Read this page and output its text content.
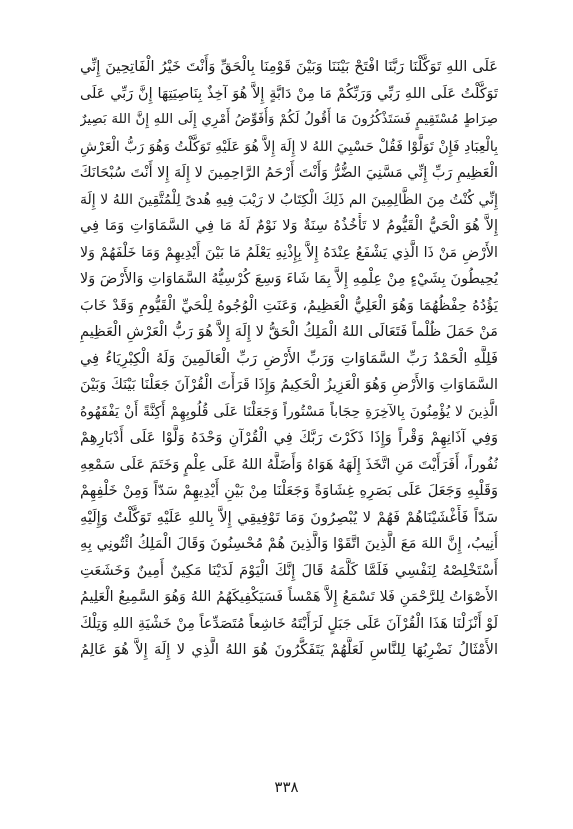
عَلَى اللهِ تَوَكَّلْنَا رَبَّنَا افْتَحْ بَيْنَنَا وَبَيْنَ قَوْمِنَا بِالْحَقِّ وَأَنْتَ خَيْرُ الْفَاتِحِينَ إِنِّي
تَوَكَّلْتُ عَلَى اللهِ رَبِّي وَرَبِّكُمْ مَا مِنْ دَابَّةٍ إِلاَّ هُوَ آخِذٌ بِنَاصِيَتِهَا إِنَّ رَبِّي عَلَى
صِرَاطٍ مُسْتَقِيمٍ فَسَتَذْكُرُونَ مَا أَقُولُ لَكُمْ وَأُفَوِّضُ أَمْرِي إِلَى اللهِ إِنَّ اللهَ بَصِيرٌ
بِالْعِبَادِ فَإِنْ تَوَلَّوْا فَقُلْ حَسْبِيَ اللهُ لا إِلَهَ إِلاَّ هُوَ عَلَيْهِ تَوَكَّلْتُ وَهُوَ رَبُّ الْعَرْشِ
الْعَظِيمِ رَبِّ إِنِّي مَسَّنِيَ الضُّرُّ وَأَنْتَ أَرْحَمُ الرَّاحِمِينَ لا إِلَهَ إِلا أَنْتَ سُبْحَانَكَ
إِنِّي كُنْتُ مِنَ الظَّالِمِينَ الم ذَلِكَ الْكِتَابُ لا رَيْبَ فِيهِ هُدىً لِلْمُتَّقِينَ اللهُ لا إِلَهَ
إِلاَّ هُوَ الْحَيُّ الْقَيُّومُ لا تَأْخُذُهُ سِنَةٌ وَلا نَوْمٌ لَهُ مَا فِي السَّمَاوَاتِ وَمَا فِي
الأَرْضِ مَنْ ذَا الَّذِي يَشْفَعُ عِنْدَهُ إِلاَّ بِإِذْنِهِ يَعْلَمُ مَا بَيْنَ أَيْدِيهِمْ وَمَا خَلْفَهُمْ وَلا
يُحِيطُونَ بِشَيْءٍ مِنْ عِلْمِهِ إِلاَّ بِمَا شَاءَ وَسِعَ كُرْسِيُّهُ السَّمَاوَاتِ وَالأَرْضَ وَلا
يَؤُدُهُ حِفْظُهُمَا وَهُوَ الْعَلِيُّ الْعَظِيمُ، وَعَنَتِ الْوُجُوهُ لِلْحَيِّ الْقَيُّومِ وَقَدْ خَابَ
مَنْ حَمَلَ ظُلْماً فَتَعَالَى اللهُ الْمَلِكُ الْحَقُّ لا إِلَهَ إِلاَّ هُوَ رَبُّ الْعَرْشِ الْعَظِيمِ
فَلِلَّهِ الْحَمْدُ رَبِّ السَّمَاوَاتِ وَرَبِّ الأَرْضِ رَبِّ الْعَالَمِينَ وَلَهُ الْكِبْرِيَاءُ فِي
السَّمَاوَاتِ وَالأَرْضِ وَهُوَ الْعَزِيزُ الْحَكِيمُ وَإِذَا قَرَأْتَ الْقُرْآنَ جَعَلْنَا بَيْنَكَ وَبَيْنَ
الَّذِينَ لا يُؤْمِنُونَ بِالآخِرَةِ حِجَاباً مَسْتُوراً وَجَعَلْنَا عَلَى قُلُوبِهِمْ أَكِنَّةً أَنْ يَفْقَهُوهُ
وَفِي آذَانِهِمْ وَقْراً وَإِذَا ذَكَرْتَ رَبَّكَ فِي الْقُرْآنِ وَحْدَهُ وَلَّوْا عَلَى أَدْبَارِهِمْ
نُفُوراً، أَفَرَأَيْتَ مَنِ اتَّخَذَ إِلَهَهُ هَوَاهُ وَأَضَلَّهُ اللهُ عَلَى عِلْمٍ وَخَتَمَ عَلَى سَمْعِهِ
وَقَلْبِهِ وَجَعَلَ عَلَى بَصَرِهِ غِشَاوَةً وَجَعَلْنَا مِنْ بَيْنِ أَيْدِيهِمْ سَدّاً وَمِنْ خَلْفِهِمْ
سَدّاً فَأَغْشَيْنَاهُمْ فَهُمْ لا يُبْصِرُونَ وَمَا تَوْفِيقِي إِلاَّ بِاللهِ عَلَيْهِ تَوَكَّلْتُ وَإِلَيْهِ
أُنِيبُ، إِنَّ اللهَ مَعَ الَّذِينَ اتَّقَوْا وَالَّذِينَ هُمْ مُحْسِنُونَ وَقَالَ الْمَلِكُ ائْتُونِي بِهِ
أَسْتَخْلِصْهُ لِنَفْسِي فَلَمَّا كَلَّمَهُ قَالَ إِنَّكَ الْيَوْمَ لَدَيْنَا مَكِينٌ أَمِينٌ وَخَشَعَتِ
الأَصْوَاتُ لِلرَّحْمَنِ فَلا تَسْمَعُ إِلاَّ هَمْساً فَسَيَكْفِيكَهُمُ اللهُ وَهُوَ السَّمِيعُ الْعَلِيمُ
لَوْ أَنْزَلْنَا هَذَا الْقُرْآنَ عَلَى جَبَلٍ لَرَأَيْتَهُ خَاشِعاً مُتَصَدِّعاً مِنْ خَشْيَةِ اللهِ وَتِلْكَ
الأَمْثَالُ نَضْرِبُهَا لِلنَّاسِ لَعَلَّهُمْ يَتَفَكَّرُونَ هُوَ اللهُ الَّذِي لا إِلَهَ إِلاَّ هُوَ عَالِمُ
٣٣٨
